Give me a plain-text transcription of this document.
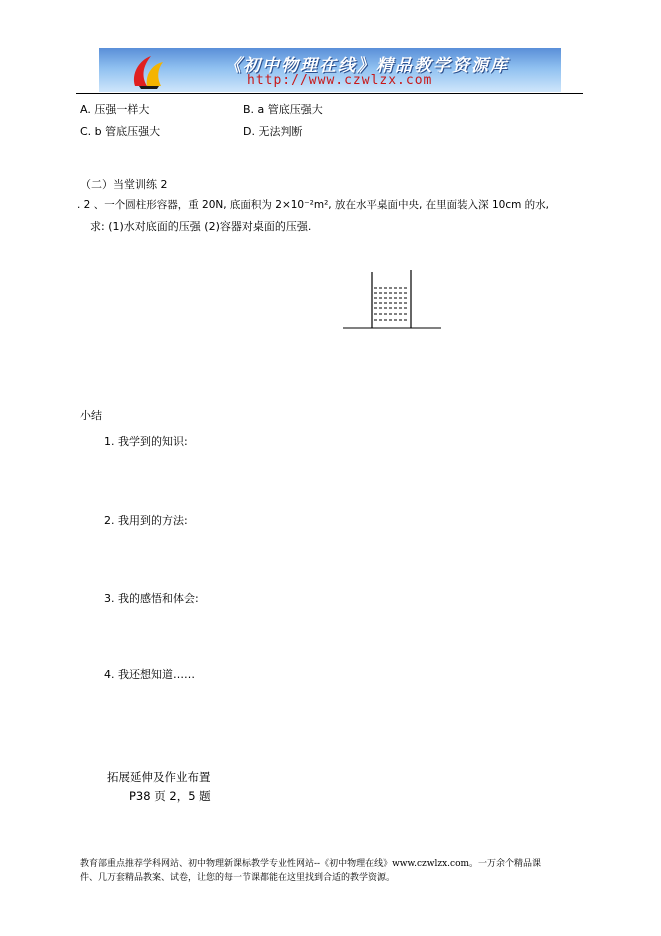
《初中物理在线》精品教学资源库
http://www.czwlzx.com
A. 压强一样大	B. a 管底压强大
C. b 管底压强大	D. 无法判断
（二）当堂训练 2
. 2 、一个圆柱形容器，重 20N, 底面积为 2×10⁻²m², 放在水平桌面中央, 在里面装入深 10cm 的水,
求: (1)水对底面的压强 (2)容器对桌面的压强.
小结
1. 我学到的知识:
2. 我用到的方法:
3. 我的感悟和体会:
4. 我还想知道……
拓展延伸及作业布置
P38 页 2，5 题
教育部重点推荐学科网站、初中物理新课标教学专业性网站--《初中物理在线》www.czwlzx.com。一万余个精品课
件、几万套精品教案、试卷，让您的每一节课都能在这里找到合适的教学资源。
